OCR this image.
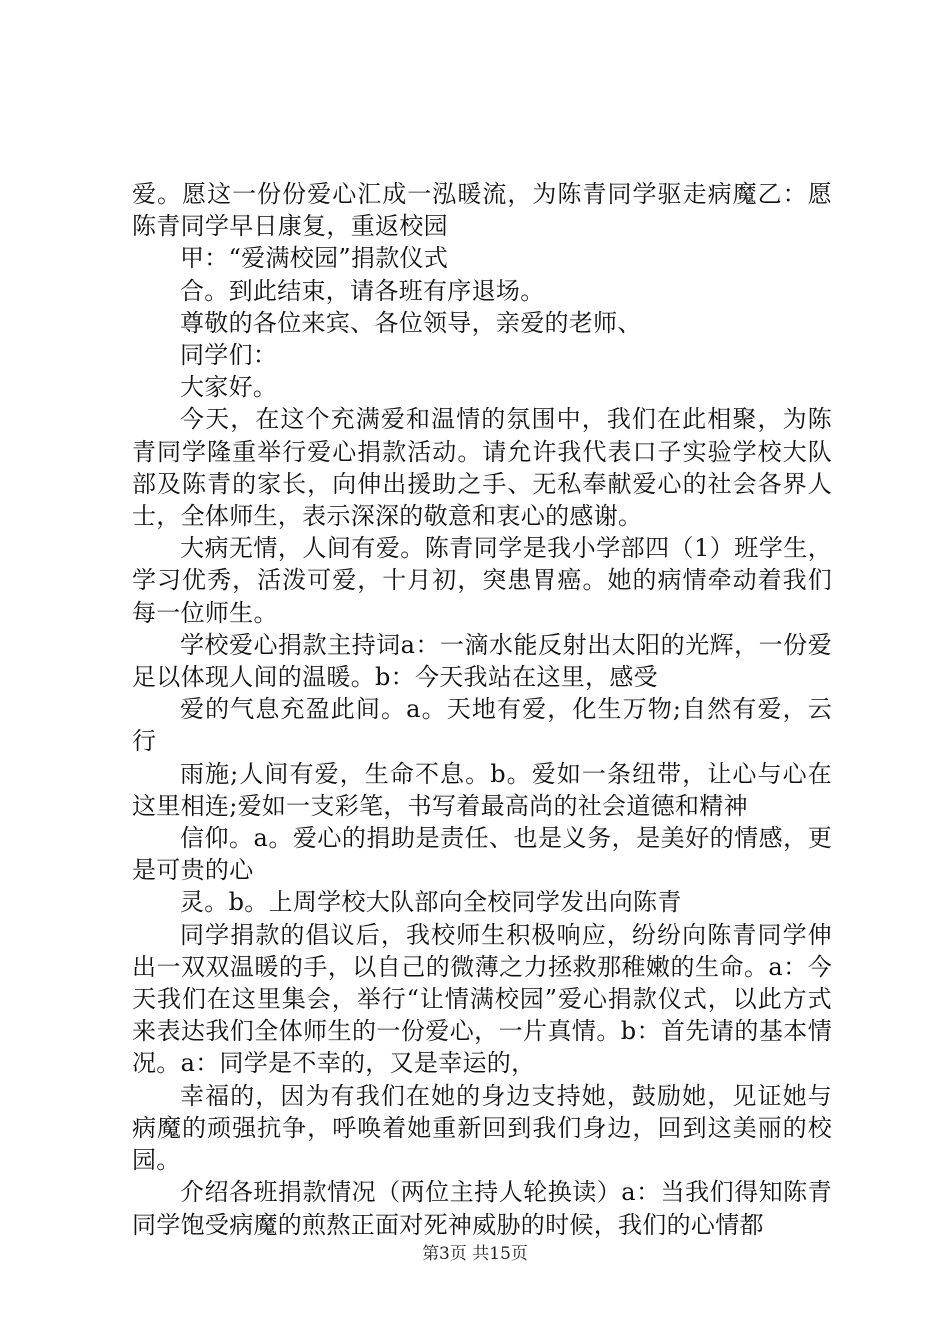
爱。愿这一份份爱心汇成一泓暖流，为陈青同学驱走病魔乙：愿陈青同学早日康复，重返校园

甲：“爱满校园”捐款仪式

合。到此结束，请各班有序退场。

尊敬的各位来宾、各位领导，亲爱的老师、

同学们：

大家好。

今天，在这个充满爱和温情的氛围中，我们在此相聚，为陈青同学隆重举行爱心捐款活动。请允许我代表口子实验学校大队部及陈青的家长，向伸出援助之手、无私奉献爱心的社会各界人士，全体师生，表示深深的敬意和衷心的感谢。

大病无情，人间有爱。陈青同学是我小学部四（1）班学生，学习优秀，活泼可爱，十月初，突患胃癌。她的病情牵动着我们每一位师生。

学校爱心捐款主持词a：一滴水能反射出太阳的光辉，一份爱足以体现人间的温暖。b：今天我站在这里，感受

爱的气息充盈此间。a。天地有爱，化生万物;自然有爱，云行

雨施;人间有爱，生命不息。b。爱如一条纽带，让心与心在这里相连;爱如一支彩笔，书写着最高尚的社会道德和精神

信仰。a。爱心的捐助是责任、也是义务，是美好的情感，更是可贵的心

灵。b。上周学校大队部向全校同学发出向陈青

同学捐款的倡议后，我校师生积极响应，纷纷向陈青同学伸出一双双温暖的手，以自己的微薄之力拯救那稚嫩的生命。a：今天我们在这里集会，举行“让情满校园”爱心捐款仪式，以此方式来表达我们全体师生的一份爱心，一片真情。b：首先请的基本情况。a：同学是不幸的，又是幸运的，

幸福的，因为有我们在她的身边支持她，鼓励她，见证她与病魔的顽强抗争，呼唤着她重新回到我们身边，回到这美丽的校园。

介绍各班捐款情况（两位主持人轮换读）a：当我们得知陈青同学饱受病魔的煎熬正面对死神威胁的时候，我们的心情都

第3页 共15页
